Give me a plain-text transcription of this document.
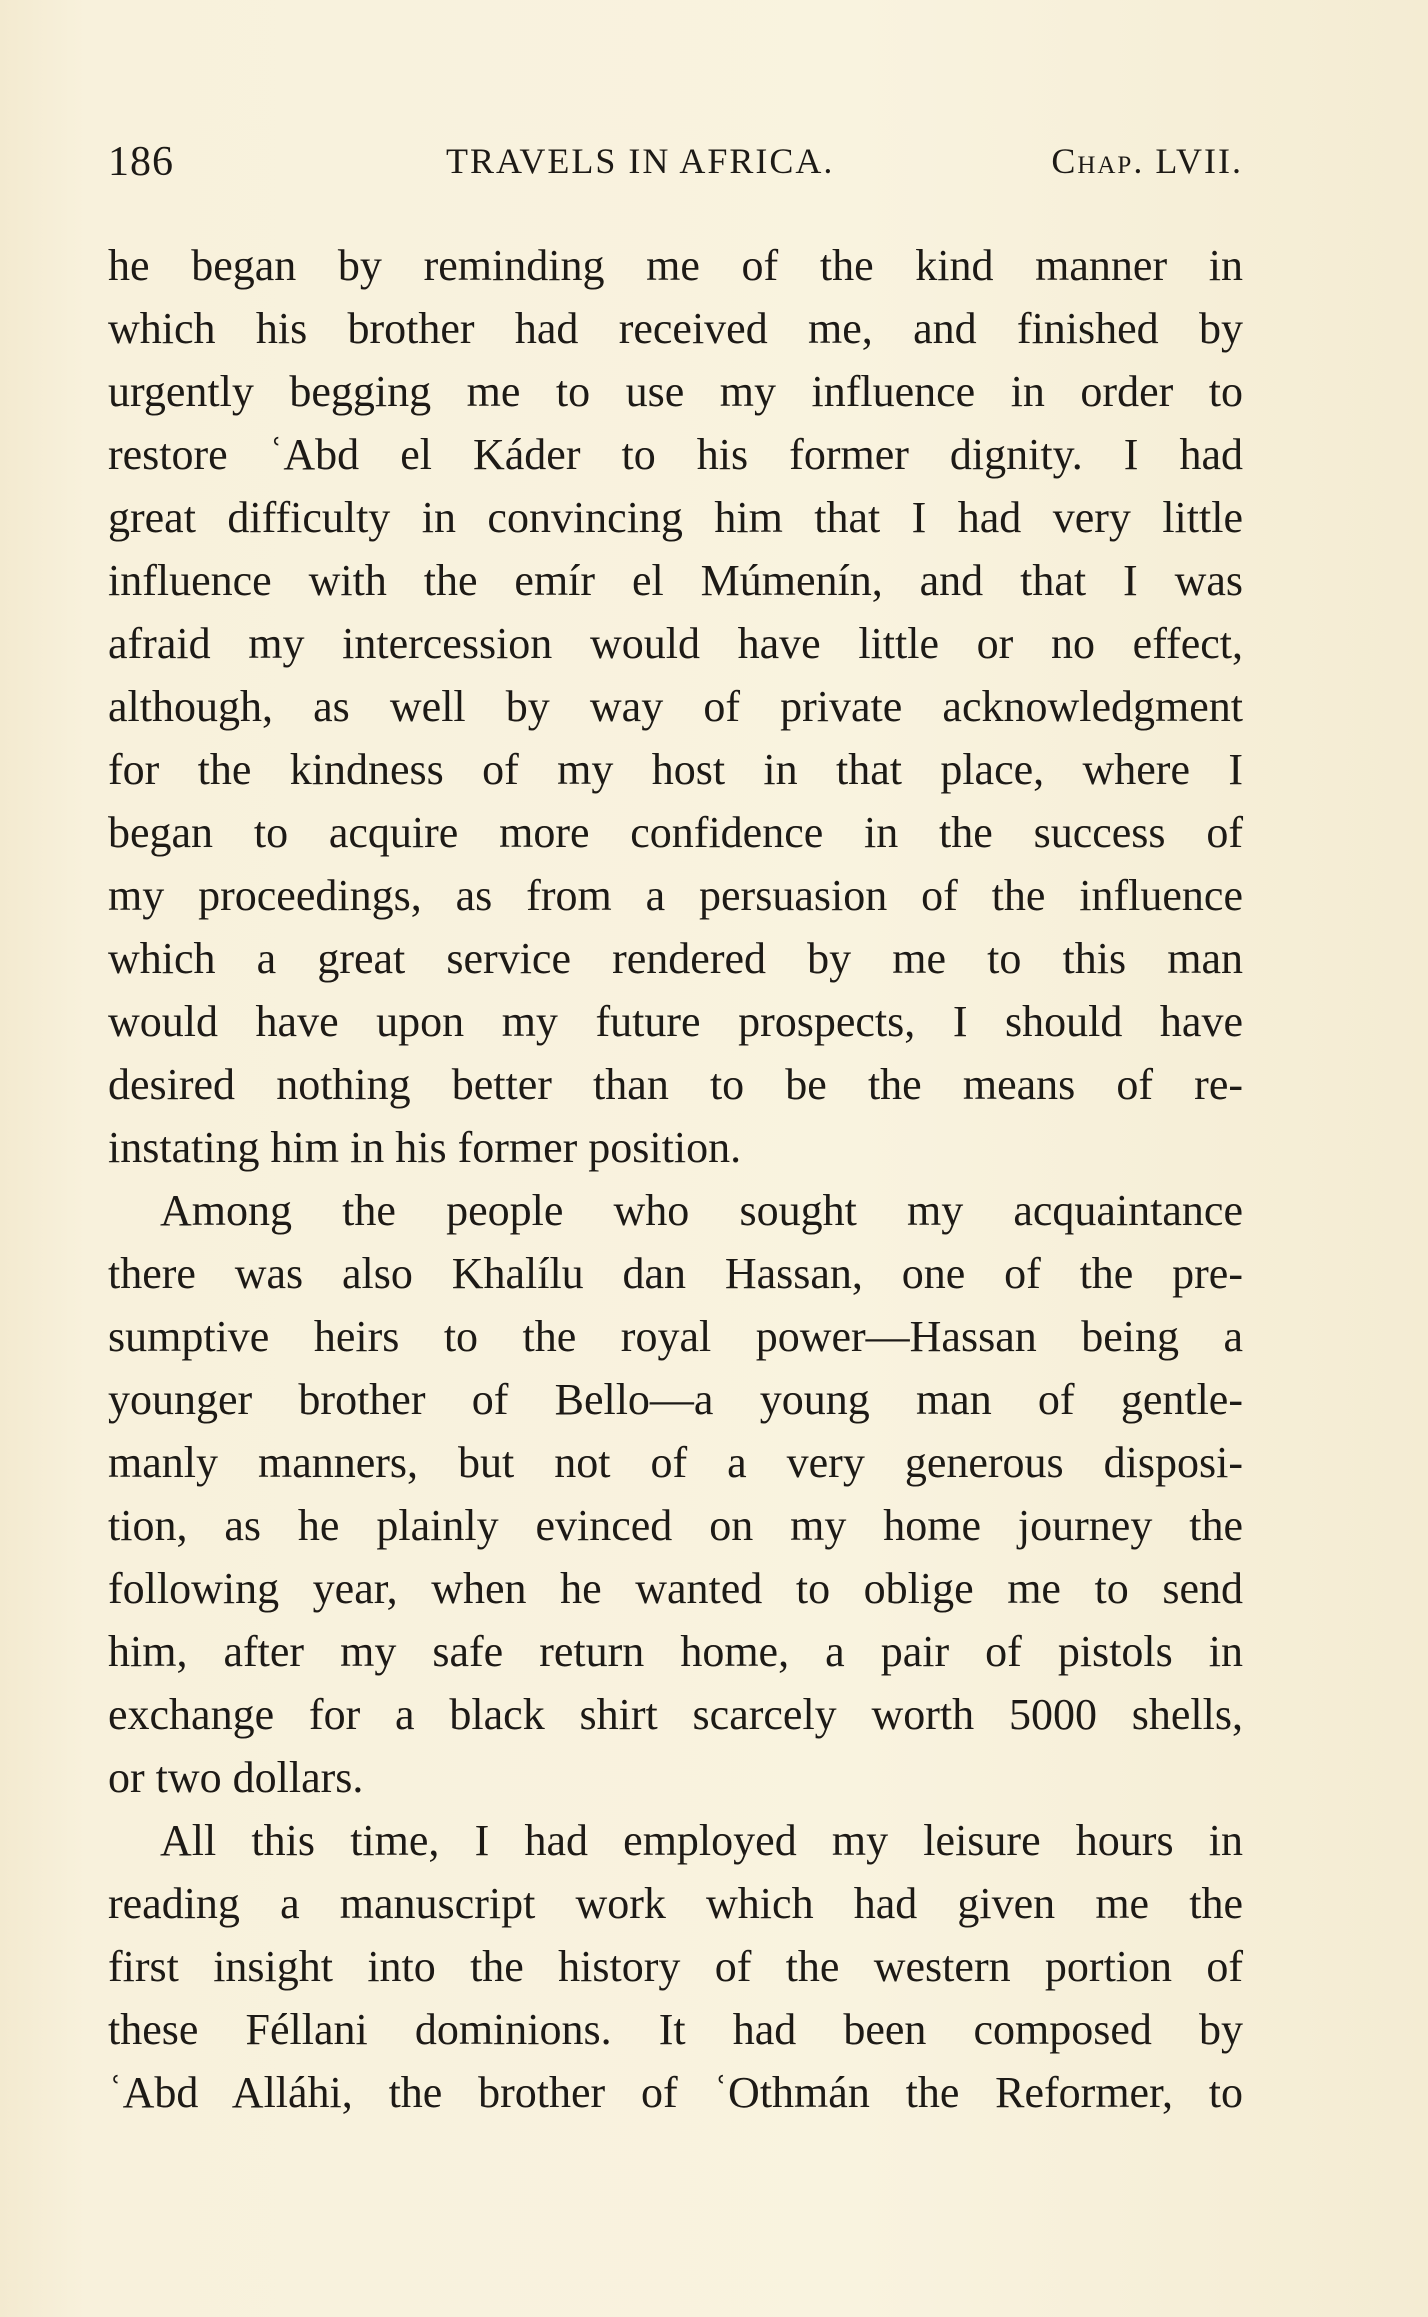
186	TRAVELS IN AFRICA.	Chap. LVII.
he began by reminding me of the kind manner in
which his brother had received me, and finished by
urgently begging me to use my influence in order to
restore ʿAbd el Káder to his former dignity. I had
great difficulty in convincing him that I had very little
influence with the emír el Múmenín, and that I was
afraid my intercession would have little or no effect,
although, as well by way of private acknowledgment
for the kindness of my host in that place, where I
began to acquire more confidence in the success of
my proceedings, as from a persuasion of the influence
which a great service rendered by me to this man
would have upon my future prospects, I should have
desired nothing better than to be the means of re-
instating him in his former position.
Among the people who sought my acquaintance
there was also Khalílu dan Hassan, one of the pre-
sumptive heirs to the royal power—Hassan being a
younger brother of Bello—a young man of gentle-
manly manners, but not of a very generous disposi-
tion, as he plainly evinced on my home journey the
following year, when he wanted to oblige me to send
him, after my safe return home, a pair of pistols in
exchange for a black shirt scarcely worth 5000 shells,
or two dollars.
All this time, I had employed my leisure hours in
reading a manuscript work which had given me the
first insight into the history of the western portion of
these Féllani dominions. It had been composed by
ʿAbd Alláhi, the brother of ʿOthmán the Reformer, to
